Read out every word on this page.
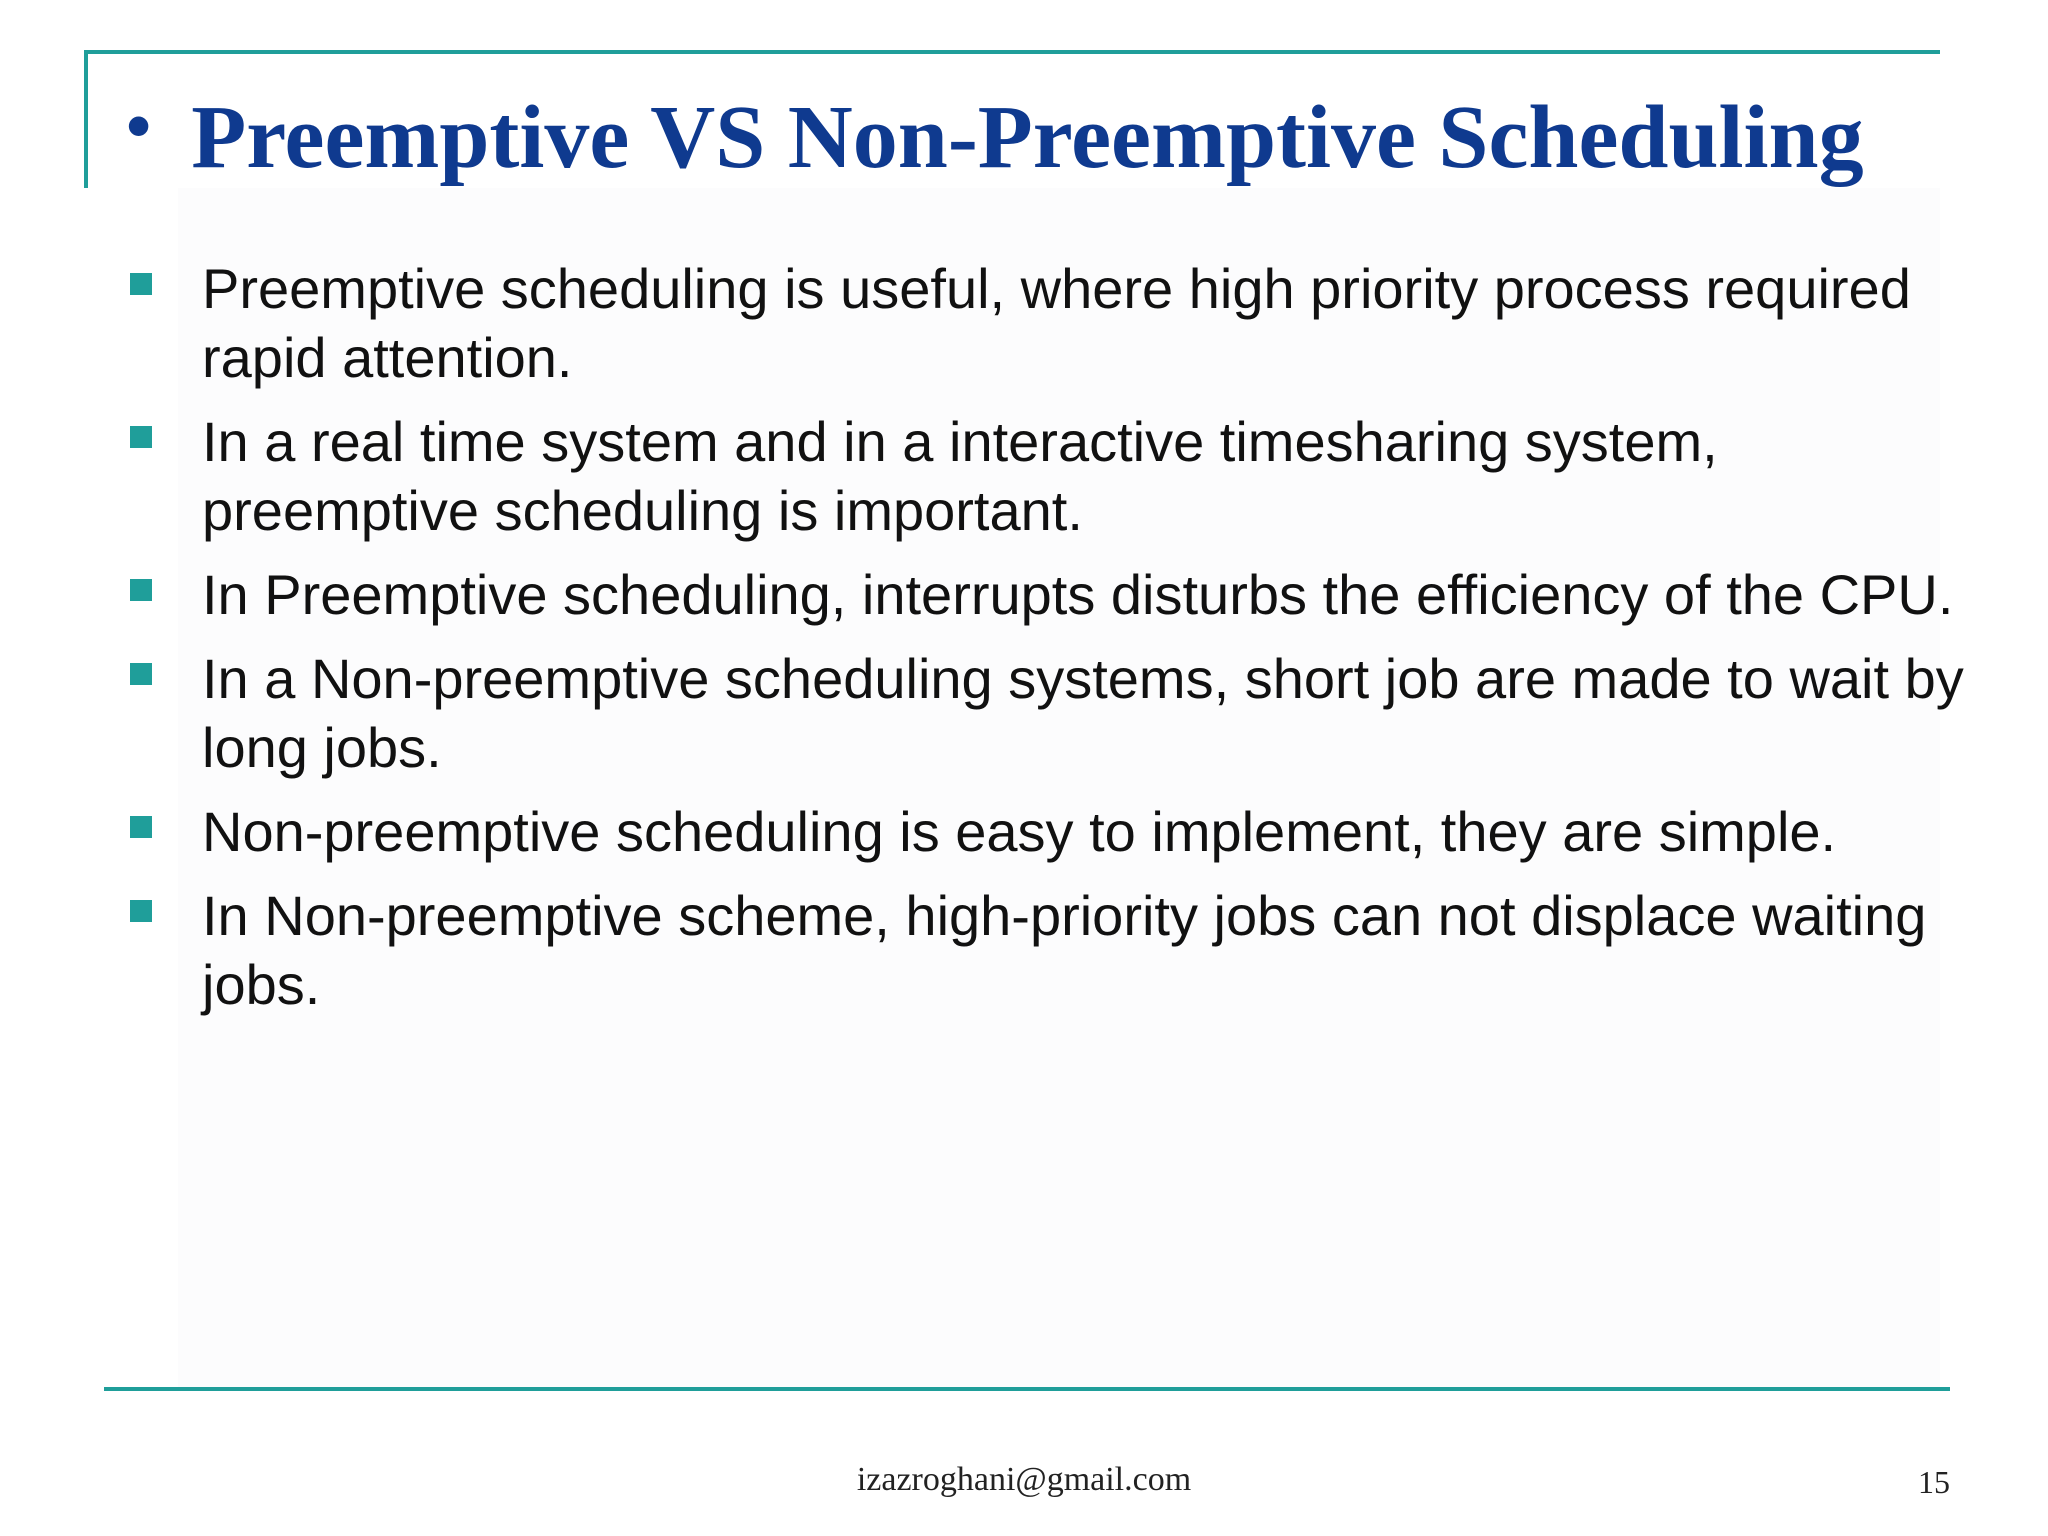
• Preemptive VS Non-Preemptive Scheduling
Preemptive scheduling is useful, where high priority process required rapid attention.
In a real time system and in a interactive timesharing system, preemptive scheduling is important.
In Preemptive scheduling, interrupts disturbs the efficiency of the CPU.
In a Non-preemptive scheduling systems, short job are made to wait by long jobs.
Non-preemptive scheduling is easy to implement, they are simple.
In Non-preemptive scheme, high-priority jobs can not displace waiting jobs.
izazroghani@gmail.com	15
